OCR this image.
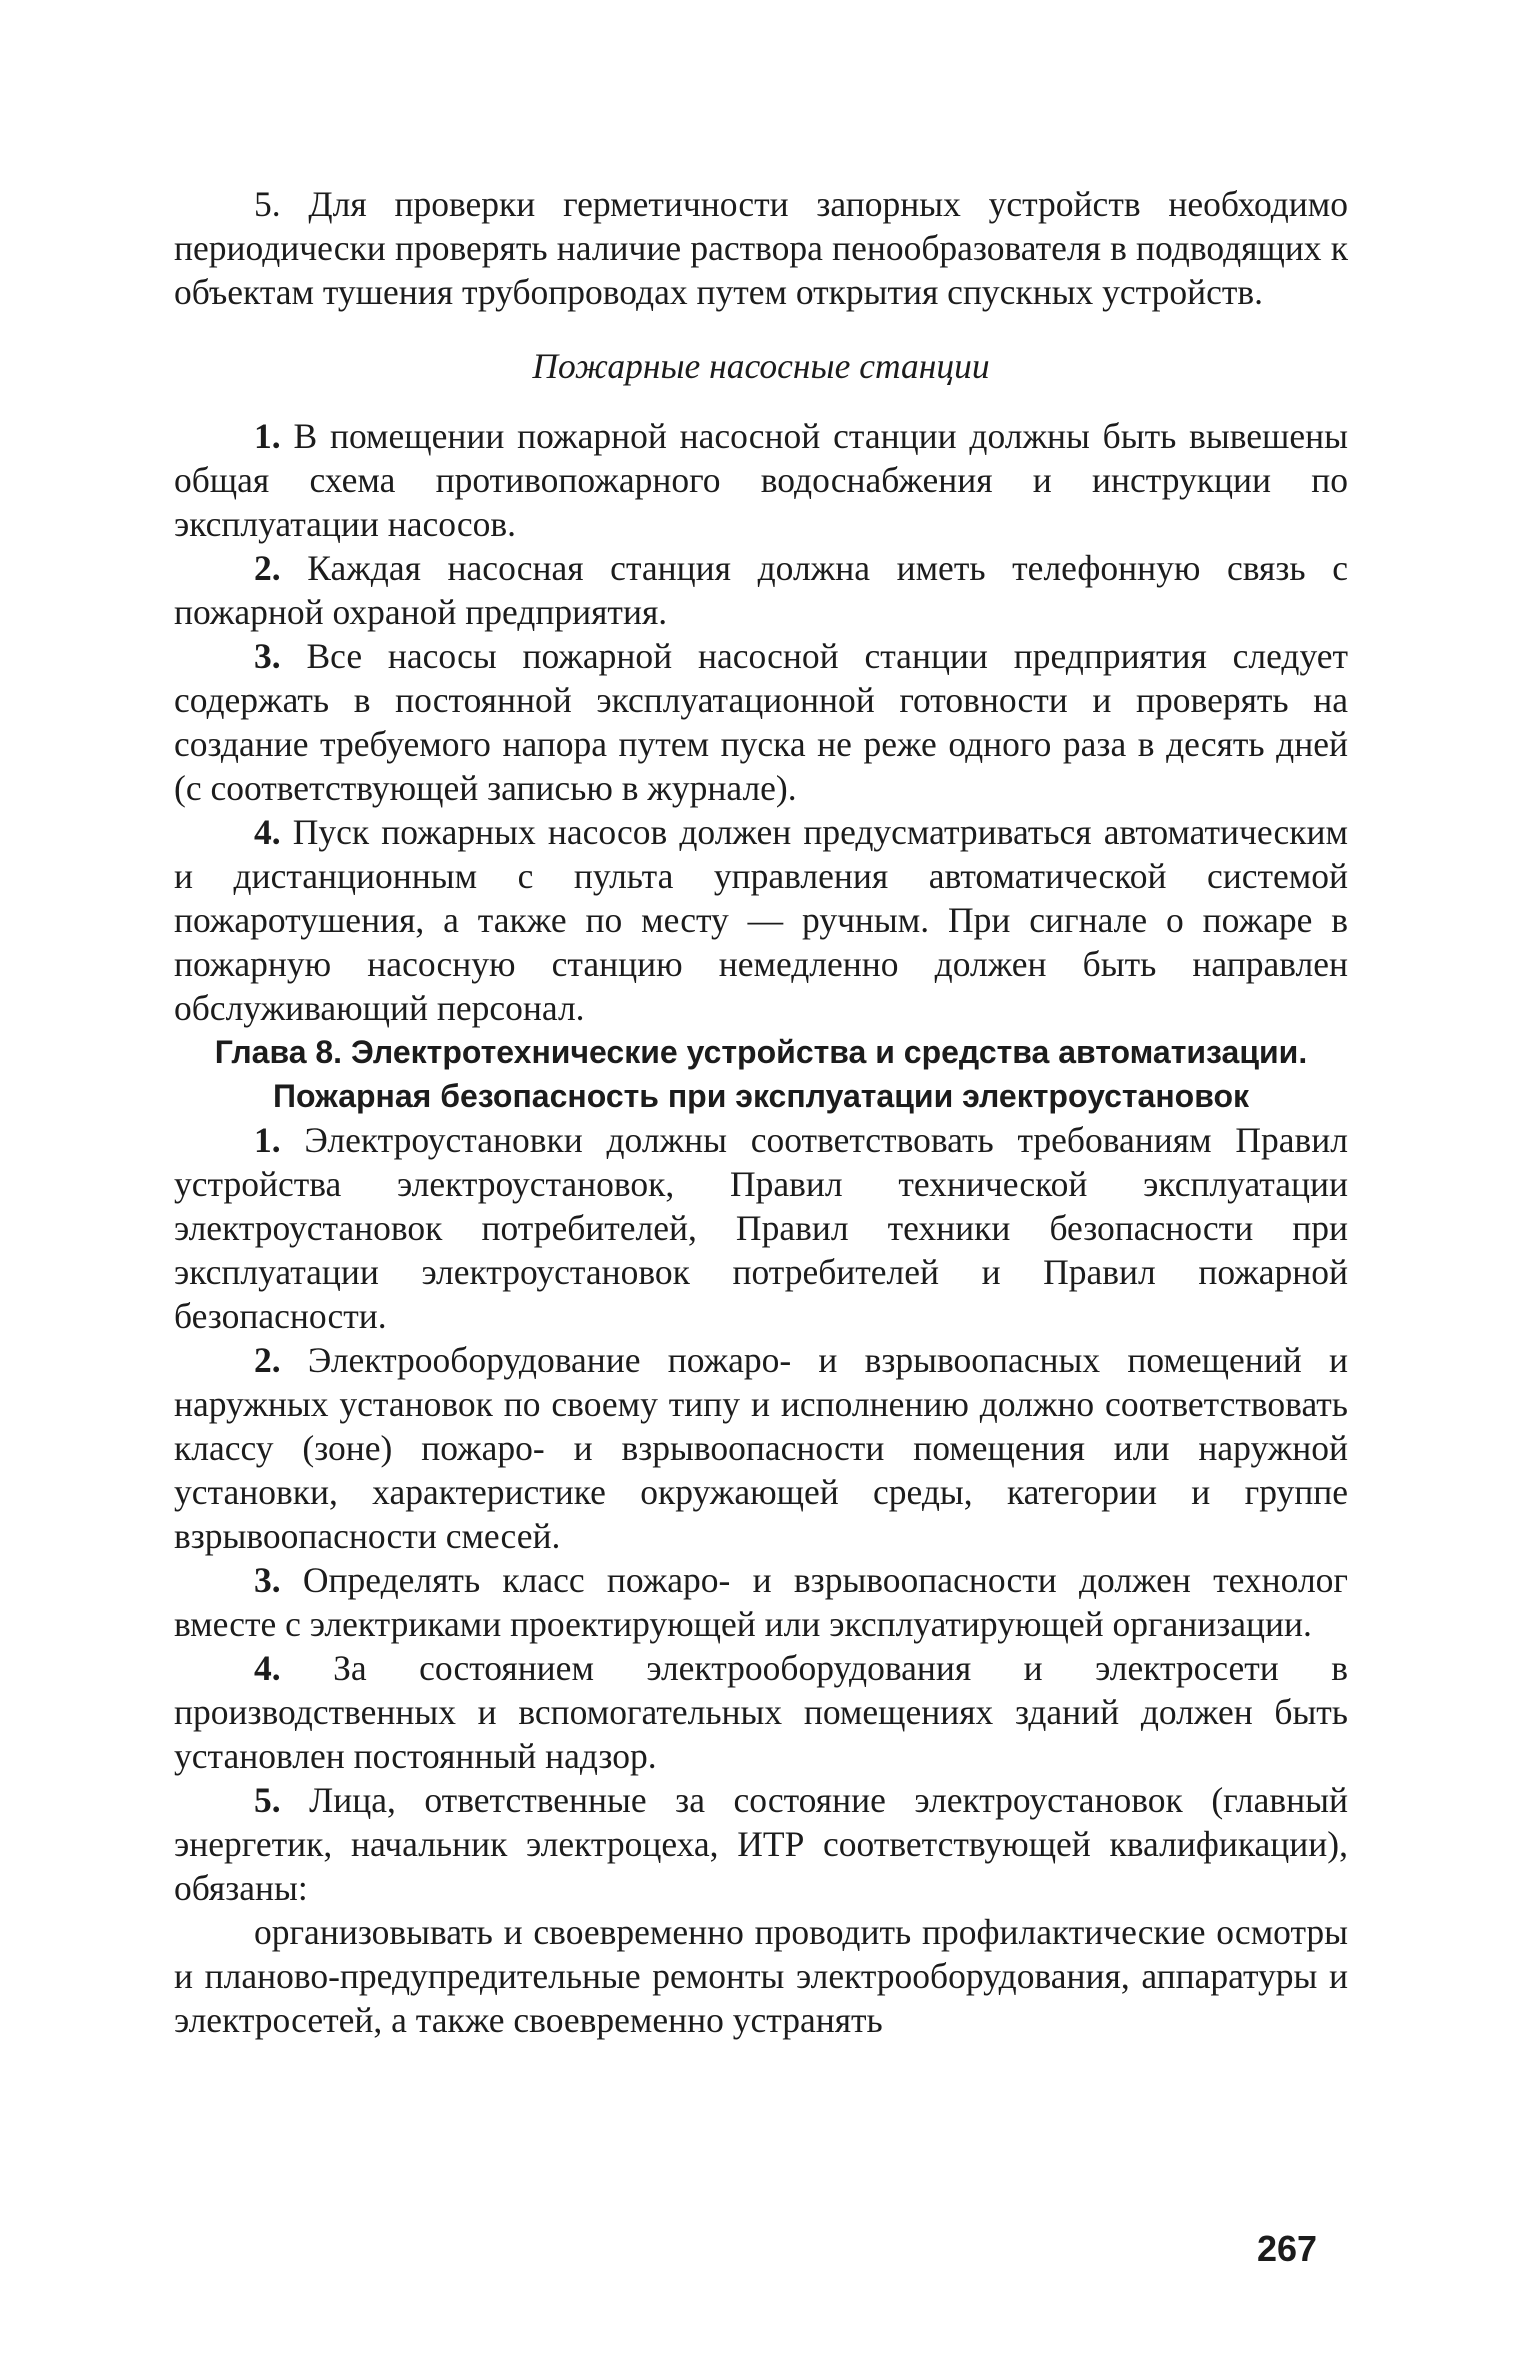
5. Для проверки герметичности запорных устройств необходимо периодически проверять наличие раствора пенообразователя в подводящих к объектам тушения трубопроводах путем открытия спускных устройств.

Пожарные насосные станции

1. В помещении пожарной насосной станции должны быть вывешены общая схема противопожарного водоснабжения и инструкции по эксплуатации насосов.

2. Каждая насосная станция должна иметь телефонную связь с пожарной охраной предприятия.

3. Все насосы пожарной насосной станции предприятия следует содержать в постоянной эксплуатационной готовности и проверять на создание требуемого напора путем пуска не реже одного раза в десять дней (с соответствующей записью в журнале).

4. Пуск пожарных насосов должен предусматриваться автоматическим и дистанционным с пульта управления автоматической системой пожаротушения, а также по месту — ручным. При сигнале о пожаре в пожарную насосную станцию немедленно должен быть направлен обслуживающий персонал.

Глава 8. Электротехнические устройства и средства автоматизации.
Пожарная безопасность при эксплуатации электроустановок

1. Электроустановки должны соответствовать требованиям Правил устройства электроустановок, Правил технической эксплуатации электроустановок потребителей, Правил техники безопасности при эксплуатации электроустановок потребителей и Правил пожарной безопасности.

2. Электрооборудование пожаро- и взрывоопасных помещений и наружных установок по своему типу и исполнению должно соответствовать классу (зоне) пожаро- и взрывоопасности помещения или наружной установки, характеристике окружающей среды, категории и группе взрывоопасности смесей.

3. Определять класс пожаро- и взрывоопасности должен технолог вместе с электриками проектирующей или эксплуатирующей организации.

4. За состоянием электрооборудования и электросети в производственных и вспомогательных помещениях зданий должен быть установлен постоянный надзор.

5. Лица, ответственные за состояние электроустановок (главный энергетик, начальник электроцеха, ИТР соответствующей квалификации), обязаны:

организовывать и своевременно проводить профилактические осмотры и планово-предупредительные ремонты электрооборудования, аппаратуры и электросетей, а также своевременно устранять

267
